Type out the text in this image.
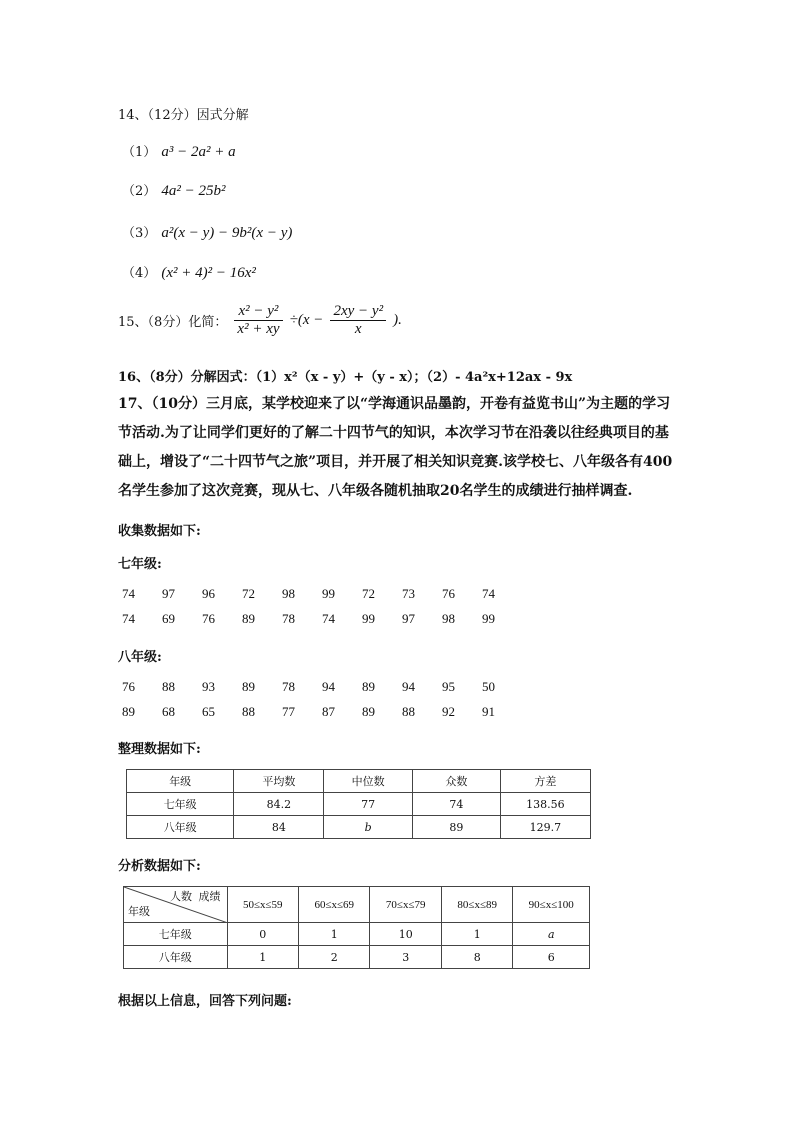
14、（12分）因式分解
（1） a³ − 2a² + a
（2） 4a² − 25b²
（3） a²(x − y) − 9b²(x − y)
（4） (x² + 4)² − 16x²
15、（8分）化简： $\frac{\text{x² − y²}}{\text{x² + xy}} \div(x - \frac{\text{2xy − y²}}{x}$ ).
16、（8分）分解因式：（1）x²（x - y）+（y - x）；（2）- 4a²x+12ax - 9x
17、（10分）三月底，某学校迎来了以“学海通识品墨韵，开卷有益览书山”为主题的学习节活动.为了让同学们更好的了解二十四节气的知识，本次学习节在沿袭以往经典项目的基础上，增设了“二十四节气之旅”项目，并开展了相关知识竞赛.该学校七、八年级各有400名学生参加了这次竞赛，现从七、八年级各随机抽取20名学生的成绩进行抽样调查.
收集数据如下:
七年级:
74 97 96 72 98 99 72 73 76 74
74 69 76 89 78 74 99 97 98 99
八年级:
76 88 93 89 78 94 89 94 95 50
89 68 65 88 77 87 89 88 92 91
整理数据如下:
年级	平均数	中位数	众数	方差
七年级	84.2	77	74	138.56
八年级	84	b	89	129.7
分析数据如下:
人数 成绩
年级	50≤x≤59	60≤x≤69	70≤x≤79	80≤x≤89	90≤x≤100
七年级	0	1	10	1	a
八年级	1	2	3	8	6
根据以上信息，回答下列问题:
